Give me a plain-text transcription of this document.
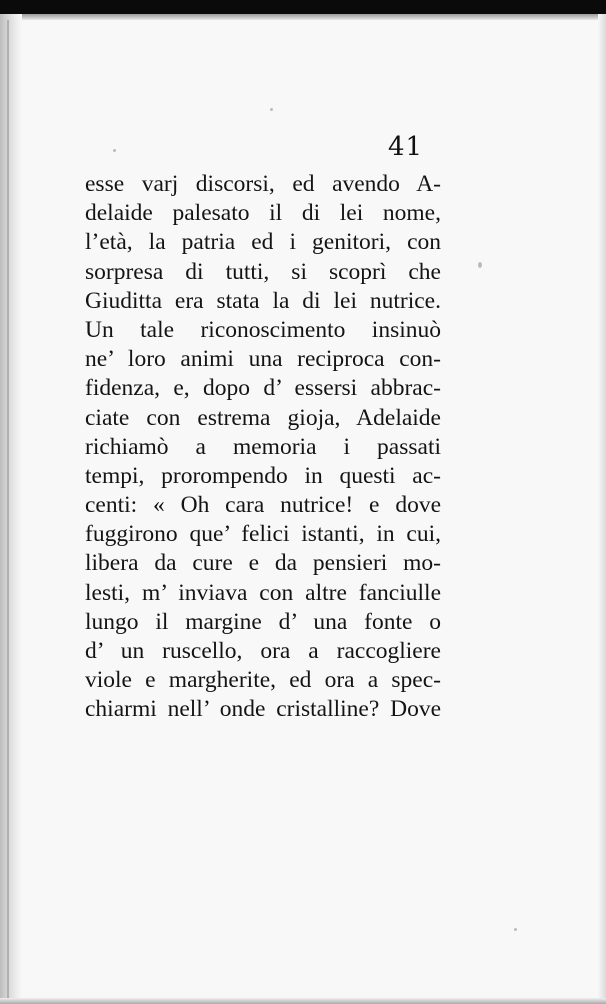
41
esse varj discorsi, ed avendo A-
delaide palesato il di lei nome,
l’età, la patria ed i genitori, con
sorpresa di tutti, si scoprì che
Giuditta era stata la di lei nutrice.
Un tale riconoscimento insinuò
ne’ loro animi una reciproca con-
fidenza, e, dopo d’ essersi abbrac-
ciate con estrema gioja, Adelaide
richiamò a memoria i passati
tempi, prorompendo in questi ac-
centi: « Oh cara nutrice! e dove
fuggirono que’ felici istanti, in cui,
libera da cure e da pensieri mo-
lesti, m’ inviava con altre fanciulle
lungo il margine d’ una fonte o
d’ un ruscello, ora a raccogliere
viole e margherite, ed ora a spec-
chiarmi nell’ onde cristalline? Dove
